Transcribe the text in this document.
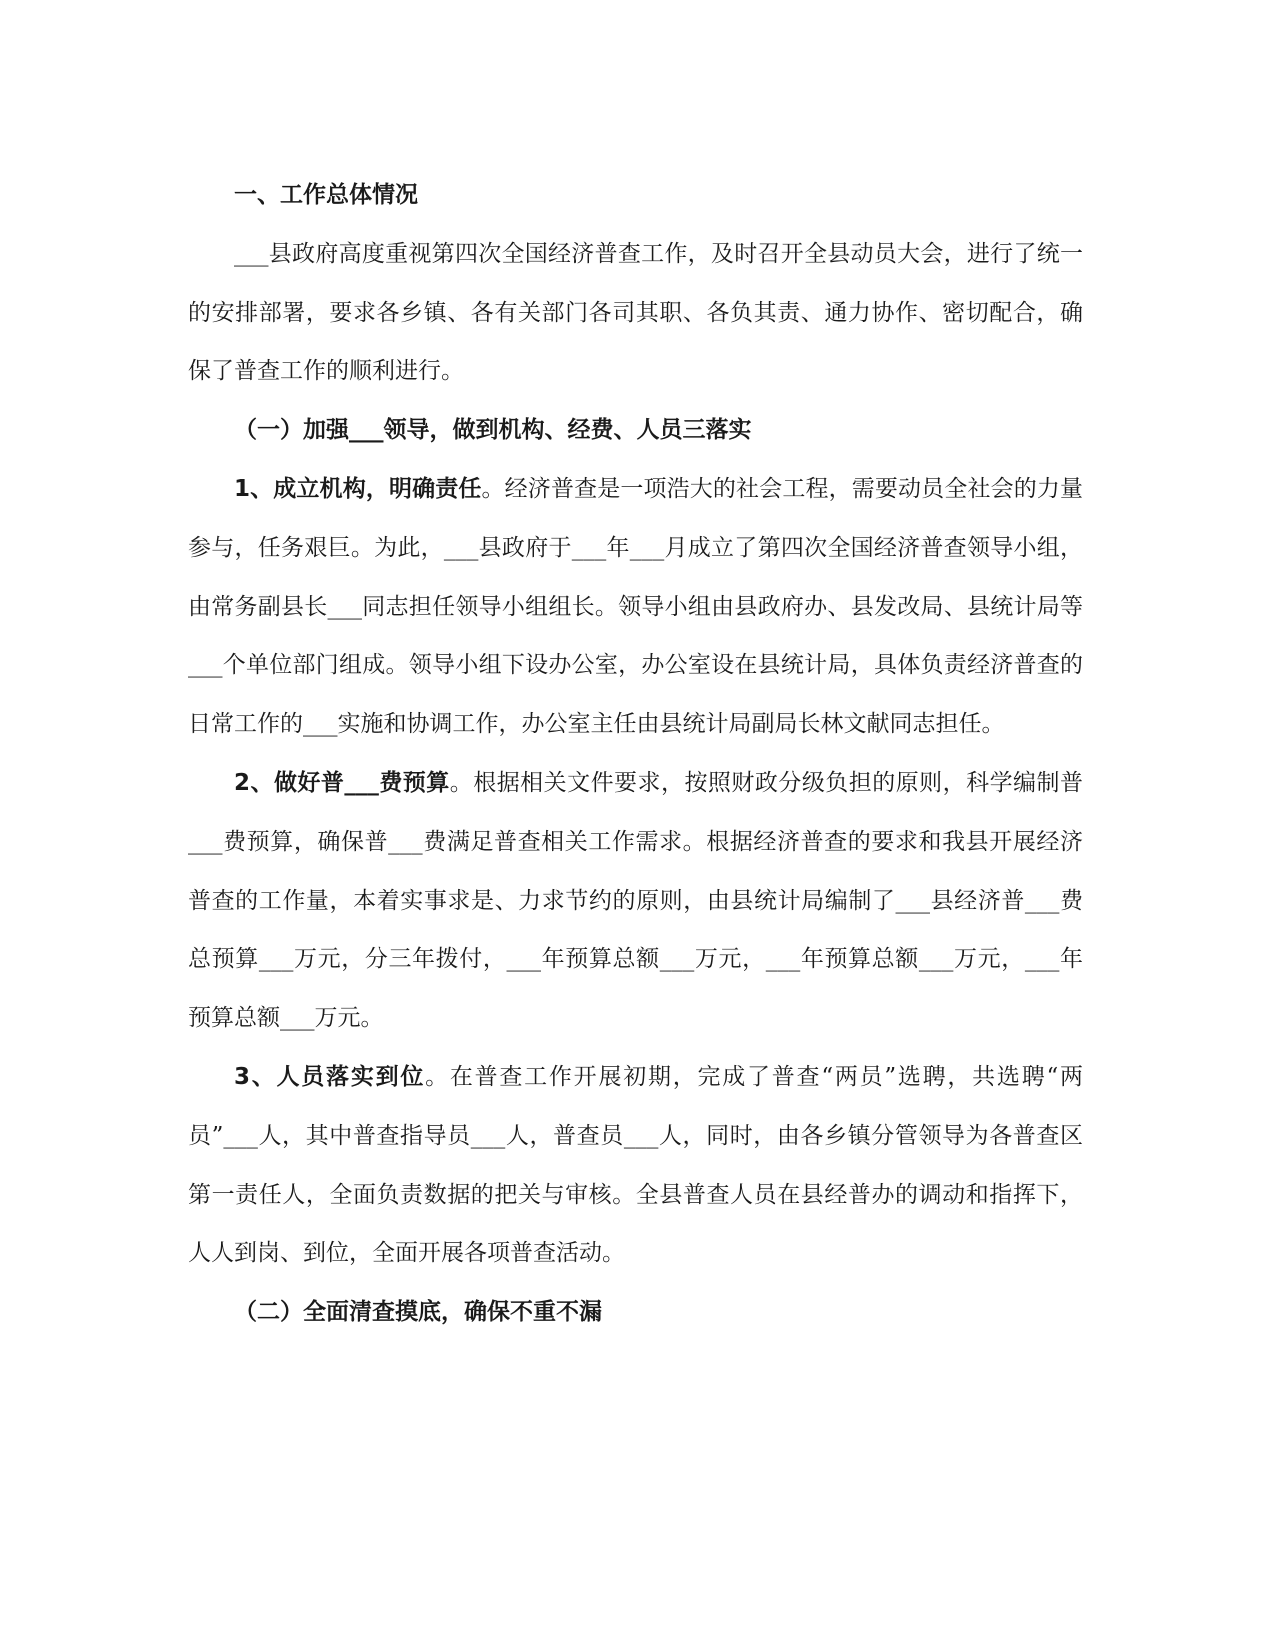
一、工作总体情况

___县政府高度重视第四次全国经济普查工作，及时召开全县动员大会，进行了统一的安排部署，要求各乡镇、各有关部门各司其职、各负其责、通力协作、密切配合，确保了普查工作的顺利进行。

（一）加强___领导，做到机构、经费、人员三落实

1、成立机构，明确责任。经济普查是一项浩大的社会工程，需要动员全社会的力量参与，任务艰巨。为此，___县政府于___年___月成立了第四次全国经济普查领导小组，由常务副县长___同志担任领导小组组长。领导小组由县政府办、县发改局、县统计局等___个单位部门组成。领导小组下设办公室，办公室设在县统计局，具体负责经济普查的日常工作的___实施和协调工作，办公室主任由县统计局副局长林文献同志担任。

2、做好普___费预算。根据相关文件要求，按照财政分级负担的原则，科学编制普___费预算，确保普___费满足普查相关工作需求。根据经济普查的要求和我县开展经济普查的工作量，本着实事求是、力求节约的原则，由县统计局编制了___县经济普___费总预算___万元，分三年拨付，___年预算总额___万元，___年预算总额___万元，___年预算总额___万元。

3、人员落实到位。在普查工作开展初期，完成了普查“两员”选聘，共选聘“两员”___人，其中普查指导员___人，普查员___人，同时，由各乡镇分管领导为各普查区第一责任人，全面负责数据的把关与审核。全县普查人员在县经普办的调动和指挥下，人人到岗、到位，全面开展各项普查活动。

（二）全面清查摸底，确保不重不漏
